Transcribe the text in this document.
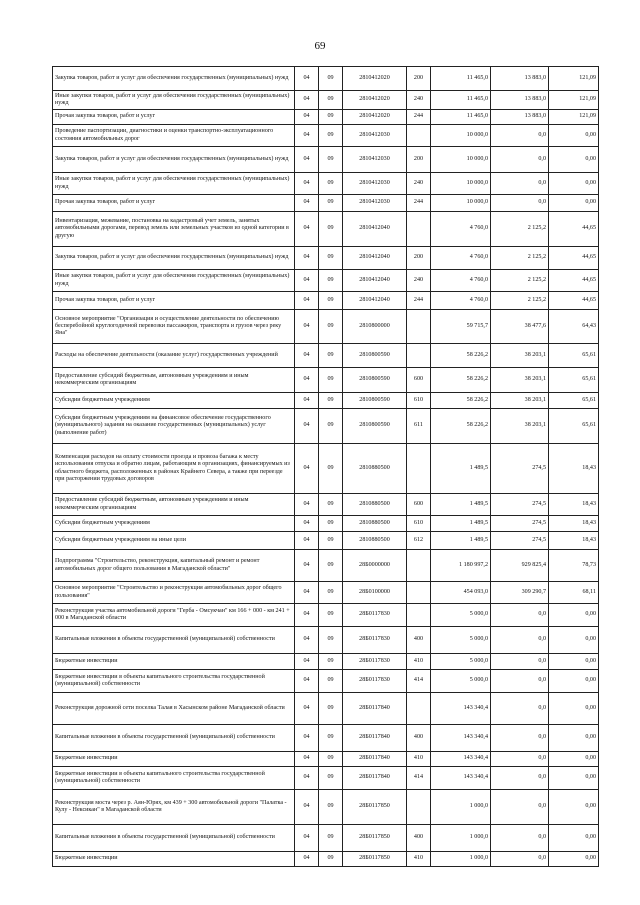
69
Закупка товаров, работ и услуг для обеспечения государственных (муниципальных) нужд	04	09	2810412020	200	11 465,0	13 883,0	121,09
Иные закупки товаров, работ и услуг для обеспечения государственных (муниципальных) нужд	04	09	2810412020	240	11 465,0	13 883,0	121,09
Прочая закупка товаров, работ и услуг	04	09	2810412020	244	11 465,0	13 883,0	121,09
Проведение паспортизации, диагностики и оценки транспортно-эксплуатационного состояния автомобильных дорог	04	09	2810412030		10 000,0	0,0	0,00
Закупка товаров, работ и услуг для обеспечения государственных (муниципальных) нужд	04	09	2810412030	200	10 000,0	0,0	0,00
Иные закупки товаров, работ и услуг для обеспечения государственных (муниципальных) нужд	04	09	2810412030	240	10 000,0	0,0	0,00
Прочая закупка товаров, работ и услуг	04	09	2810412030	244	10 000,0	0,0	0,00
Инвентаризация, межевание, постановка на кадастровый учет земель, занятых автомобильными дорогами, перевод земель или земельных участков из одной категории в другую	04	09	2810412040		4 760,0	2 125,2	44,65
Закупка товаров, работ и услуг для обеспечения государственных (муниципальных) нужд	04	09	2810412040	200	4 760,0	2 125,2	44,65
Иные закупки товаров, работ и услуг для обеспечения государственных (муниципальных) нужд	04	09	2810412040	240	4 760,0	2 125,2	44,65
Прочая закупка товаров, работ и услуг	04	09	2810412040	244	4 760,0	2 125,2	44,65
Основное мероприятие "Организация и осуществление деятельности по обеспечению бесперебойной круглогодичной перевозки пассажиров, транспорта и грузов через реку Яна"	04	09	2810800000		59 715,7	38 477,6	64,43
Расходы на обеспечение деятельности (оказание услуг) государственных учреждений	04	09	2810800590		58 226,2	38 203,1	65,61
Предоставление субсидий бюджетным, автономным учреждениям и иным некоммерческим организациям	04	09	2810800590	600	58 226,2	38 203,1	65,61
Субсидии бюджетным учреждениям	04	09	2810800590	610	58 226,2	38 203,1	65,61
Субсидии бюджетным учреждениям на финансовое обеспечение государственного (муниципального) задания на оказание государственных (муниципальных) услуг (выполнение работ)	04	09	2810800590	611	58 226,2	38 203,1	65,61
Компенсация расходов на оплату стоимости проезда и провоза багажа к месту использования отпуска и обратно лицам, работающим в организациях, финансируемых из областного бюджета, расположенных в районах Крайнего Севера, а также при переезде при расторжении трудовых договоров	04	09	2810880500		1 489,5	274,5	18,43
Предоставление субсидий бюджетным, автономным учреждениям и иным некоммерческим организациям	04	09	2810880500	600	1 489,5	274,5	18,43
Субсидии бюджетным учреждениям	04	09	2810880500	610	1 489,5	274,5	18,43
Субсидии бюджетным учреждениям на иные цели	04	09	2810880500	612	1 489,5	274,5	18,43
Подпрограмма "Строительство, реконструкция, капитальный ремонт и ремонт автомобильных дорог общего пользования в Магаданской области"	04	09	28Б0000000		1 180 997,2	929 825,4	78,73
Основное мероприятие "Строительство и реконструкция автомобильных дорог общего пользования"	04	09	28Б0100000		454 093,0	309 290,7	68,11
Реконструкция участка автомобильной дороги "Герба - Омсукчан" км 166 + 000 - км 241 + 000 в Магаданской области	04	09	28Б0117830		5 000,0	0,0	0,00
Капитальные вложения в объекты государственной (муниципальной) собственности	04	09	28Б0117830	400	5 000,0	0,0	0,00
Бюджетные инвестиции	04	09	28Б0117830	410	5 000,0	0,0	0,00
Бюджетные инвестиции в объекты капитального строительства государственной (муниципальной) собственности	04	09	28Б0117830	414	5 000,0	0,0	0,00
Реконструкция дорожной сети поселка Талая в Хасынском районе Магаданской области	04	09	28Б0117840		143 340,4	0,0	0,00
Капитальные вложения в объекты государственной (муниципальной) собственности	04	09	28Б0117840	400	143 340,4	0,0	0,00
Бюджетные инвестиции	04	09	28Б0117840	410	143 340,4	0,0	0,00
Бюджетные инвестиции в объекты капитального строительства государственной (муниципальной) собственности	04	09	28Б0117840	414	143 340,4	0,0	0,00
Реконструкция моста через р. Аян-Юрях, км 439 + 300 автомобильной дороги "Палатка - Кулу - Нексикан" в Магаданской области	04	09	28Б0117850		1 000,0	0,0	0,00
Капитальные вложения в объекты государственной (муниципальной) собственности	04	09	28Б0117850	400	1 000,0	0,0	0,00
Бюджетные инвестиции	04	09	28Б0117850	410	1 000,0	0,0	0,00
